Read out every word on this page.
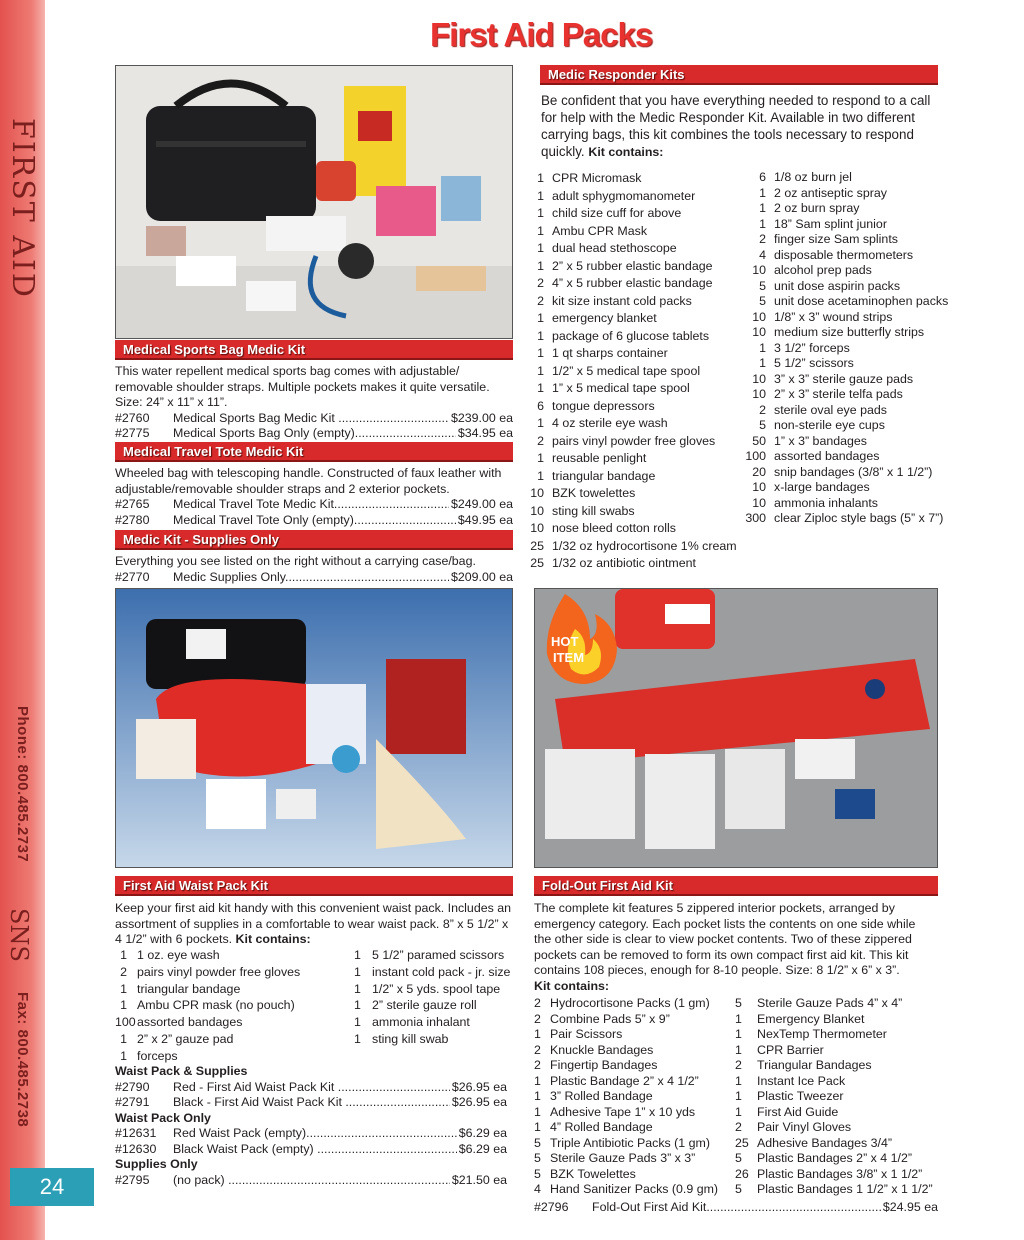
FIRST AID
Phone: 800.485.2737
SNS
Fax: 800.485.2738
24
First Aid Packs
Medic Responder Kits
Be confident that you have everything needed to respond to a call for help with the Medic Responder Kit. Available in two different carrying bags, this kit combines the tools necessary to respond quickly. Kit contains:
1 CPR Micromask
1 adult sphygmomanometer
1 child size cuff for above
1 Ambu CPR Mask
1 dual head stethoscope
1 2” x 5 rubber elastic bandage
2 4” x 5 rubber elastic bandage
2 kit size instant cold packs
1 emergency blanket
1 package of 6 glucose tablets
1 1 qt sharps container
1 1/2” x 5 medical tape spool
1 1” x 5 medical tape spool
6 tongue depressors
1 4 oz sterile eye wash
2 pairs vinyl powder free gloves
1 reusable penlight
1 triangular bandage
10 BZK towelettes
10 sting kill swabs
10 nose bleed cotton rolls
25 1/32 oz hydrocortisone 1% cream
25 1/32 oz antibiotic ointment
6 1/8 oz burn jel
1 2 oz antiseptic spray
1 2 oz burn spray
1 18” Sam splint junior
2 finger size Sam splints
4 disposable thermometers
10 alcohol prep pads
5 unit dose aspirin packs
5 unit dose acetaminophen packs
10 1/8” x 3” wound strips
10 medium size butterfly strips
1 3 1/2” forceps
1 5 1/2” scissors
10 3” x 3” sterile gauze pads
10 2” x 3” sterile telfa pads
2 sterile oval eye pads
5 non-sterile eye cups
50 1” x 3” bandages
100 assorted bandages
20 snip bandages (3/8” x 1 1/2”)
10 x-large bandages
10 ammonia inhalants
300 clear Ziploc style bags (5” x 7”)
Medical Sports Bag Medic Kit
This water repellent medical sports bag comes with adjustable/ removable shoulder straps. Multiple pockets makes it quite versatile. Size: 24” x 11” x 11”.
#2760	Medical Sports Bag Medic Kit .....	$239.00 ea
#2775	Medical Sports Bag Only (empty) .....	$34.95 ea
Medical Travel Tote Medic Kit
Wheeled bag with telescoping handle. Constructed of faux leather with adjustable/removable shoulder straps and 2 exterior pockets.
#2765	Medical Travel Tote Medic Kit .....	$249.00 ea
#2780	Medical Travel Tote Only (empty) .....	$49.95 ea
Medic Kit - Supplies Only
Everything you see listed on the right without a carrying case/bag.
#2770	Medic Supplies Only .....	$209.00 ea
HOT
ITEM
First Aid Waist Pack Kit
Keep your first aid kit handy with this convenient waist pack. Includes an assortment of supplies in a comfortable to wear waist pack. 8” x 5 1/2” x 4 1/2” with 6 pockets. Kit contains:
1 1 oz. eye wash
2 pairs vinyl powder free gloves
1 triangular bandage
1 Ambu CPR mask (no pouch)
100 assorted bandages
1 2” x 2” gauze pad
1 forceps
1 5 1/2” paramed scissors
1 instant cold pack - jr. size
1 1/2” x 5 yds. spool tape
1 2” sterile gauze roll
1 ammonia inhalant
1 sting kill swab
Waist Pack & Supplies
#2790	Red - First Aid Waist Pack Kit .....	$26.95 ea
#2791	Black - First Aid Waist Pack Kit .....	$26.95 ea
Waist Pack Only
#12631	Red Waist Pack (empty) .....	$6.29 ea
#12630	Black Waist Pack (empty) .....	$6.29 ea
Supplies Only
#2795	(no pack) .....	$21.50 ea
Fold-Out First Aid Kit
The complete kit features 5 zippered interior pockets, arranged by emergency category. Each pocket lists the contents on one side while the other side is clear to view pocket contents. Two of these zippered pockets can be removed to form its own compact first aid kit. This kit contains 108 pieces, enough for 8-10 people. Size: 8 1/2” x 6” x 3”.
Kit contains:
2 Hydrocortisone Packs (1 gm)
2 Combine Pads 5” x 9”
1 Pair Scissors
2 Knuckle Bandages
2 Fingertip Bandages
1 Plastic Bandage 2” x 4 1/2”
1 3” Rolled Bandage
1 Adhesive Tape 1” x 10 yds
1 4” Rolled Bandage
5 Triple Antibiotic Packs (1 gm)
5 Sterile Gauze Pads 3” x 3”
5 BZK Towelettes
4 Hand Sanitizer Packs (0.9 gm)
5	Sterile Gauze Pads 4” x 4”
1	Emergency Blanket
1	NexTemp Thermometer
1	CPR Barrier
2	Triangular Bandages
1	Instant Ice Pack
1	Plastic Tweezer
1	First Aid Guide
2	Pair Vinyl Gloves
25 Adhesive Bandages 3/4”
5	Plastic Bandages 2” x 4 1/2”
26 Plastic Bandages 3/8” x 1 1/2”
5	Plastic Bandages 1 1/2” x 1 1/2”
#2796	Fold-Out First Aid Kit .....	$24.95 ea
